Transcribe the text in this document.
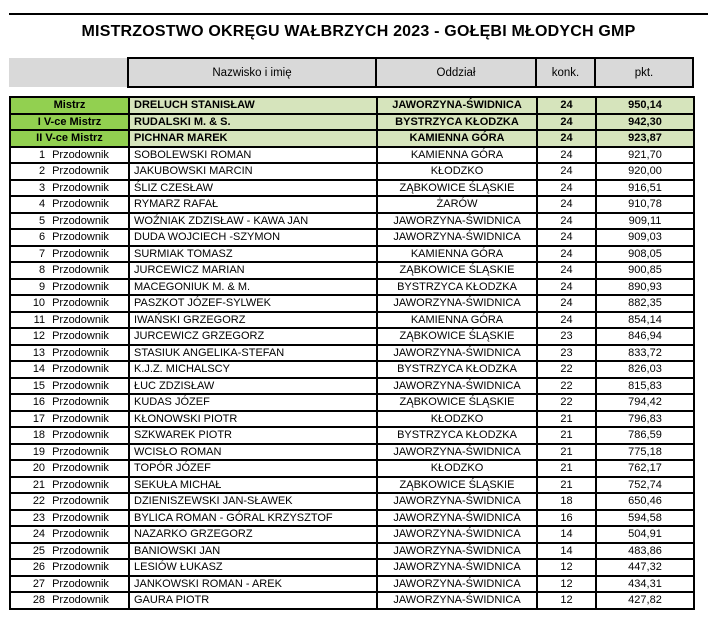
MISTRZOSTWO OKRĘGU WAŁBRZYCH 2023 - GOŁĘBI MŁODYCH GMP
	Nazwisko i imię	Oddział	konk.	pkt.
Mistrz	DRELUCH STANISŁAW	JAWORZYNA-ŚWIDNICA	24	950,14
I V-ce Mistrz	RUDALSKI M. & S.	BYSTRZYCA KŁODZKA	24	942,30
II V-ce Mistrz	PICHNAR MAREK	KAMIENNA GÓRA	24	923,87

1 Przodownik	SOBOLEWSKI ROMAN	KAMIENNA GÓRA	24	921,70

2 Przodownik	JAKUBOWSKI MARCIN	KŁODZKO	24	920,00

3 Przodownik	ŚLIZ CZESŁAW	ZĄBKOWICE ŚLĄSKIE	24	916,51

4 Przodownik	RYMARZ RAFAŁ	ŻARÓW	24	910,78

5 Przodownik	WOŹNIAK ZDZISŁAW - KAWA JAN	JAWORZYNA-ŚWIDNICA	24	909,11

6 Przodownik	DUDA WOJCIECH -SZYMON	JAWORZYNA-ŚWIDNICA	24	909,03

7 Przodownik	SURMIAK TOMASZ	KAMIENNA GÓRA	24	908,05

8 Przodownik	JURCEWICZ MARIAN	ZĄBKOWICE ŚLĄSKIE	24	900,85

9 Przodownik	MACEGONIUK M. & M.	BYSTRZYCA KŁODZKA	24	890,93

10 Przodownik	PASZKOT JÓZEF-SYLWEK	JAWORZYNA-ŚWIDNICA	24	882,35

11 Przodownik	IWAŃSKI GRZEGORZ	KAMIENNA GÓRA	24	854,14

12 Przodownik	JURCEWICZ GRZEGORZ	ZĄBKOWICE ŚLĄSKIE	23	846,94

13 Przodownik	STASIUK ANGELIKA-STEFAN	JAWORZYNA-ŚWIDNICA	23	833,72

14 Przodownik	K.J.Z. MICHALSCY	BYSTRZYCA KŁODZKA	22	826,03

15 Przodownik	ŁUC ZDZISŁAW	JAWORZYNA-ŚWIDNICA	22	815,83

16 Przodownik	KUDAS JÓZEF	ZĄBKOWICE ŚLĄSKIE	22	794,42

17 Przodownik	KŁONOWSKI PIOTR	KŁODZKO	21	796,83

18 Przodownik	SZKWAREK PIOTR	BYSTRZYCA KŁODZKA	21	786,59

19 Przodownik	WCISŁO ROMAN	JAWORZYNA-ŚWIDNICA	21	775,18

20 Przodownik	TOPÓR JÓZEF	KŁODZKO	21	762,17

21 Przodownik	SEKUŁA MICHAŁ	ZĄBKOWICE ŚLĄSKIE	21	752,74

22 Przodownik	DZIENISZEWSKI JAN-SŁAWEK	JAWORZYNA-ŚWIDNICA	18	650,46

23 Przodownik	BYLICA ROMAN - GÓRAL KRZYSZTOF	JAWORZYNA-ŚWIDNICA	16	594,58

24 Przodownik	NAZARKO GRZEGORZ	JAWORZYNA-ŚWIDNICA	14	504,91

25 Przodownik	BANIOWSKI JAN	JAWORZYNA-ŚWIDNICA	14	483,86

26 Przodownik	LESIÓW ŁUKASZ	JAWORZYNA-ŚWIDNICA	12	447,32

27 Przodownik	JANKOWSKI ROMAN - AREK	JAWORZYNA-ŚWIDNICA	12	434,31

28 Przodownik	GAURA PIOTR	JAWORZYNA-ŚWIDNICA	12	427,82
